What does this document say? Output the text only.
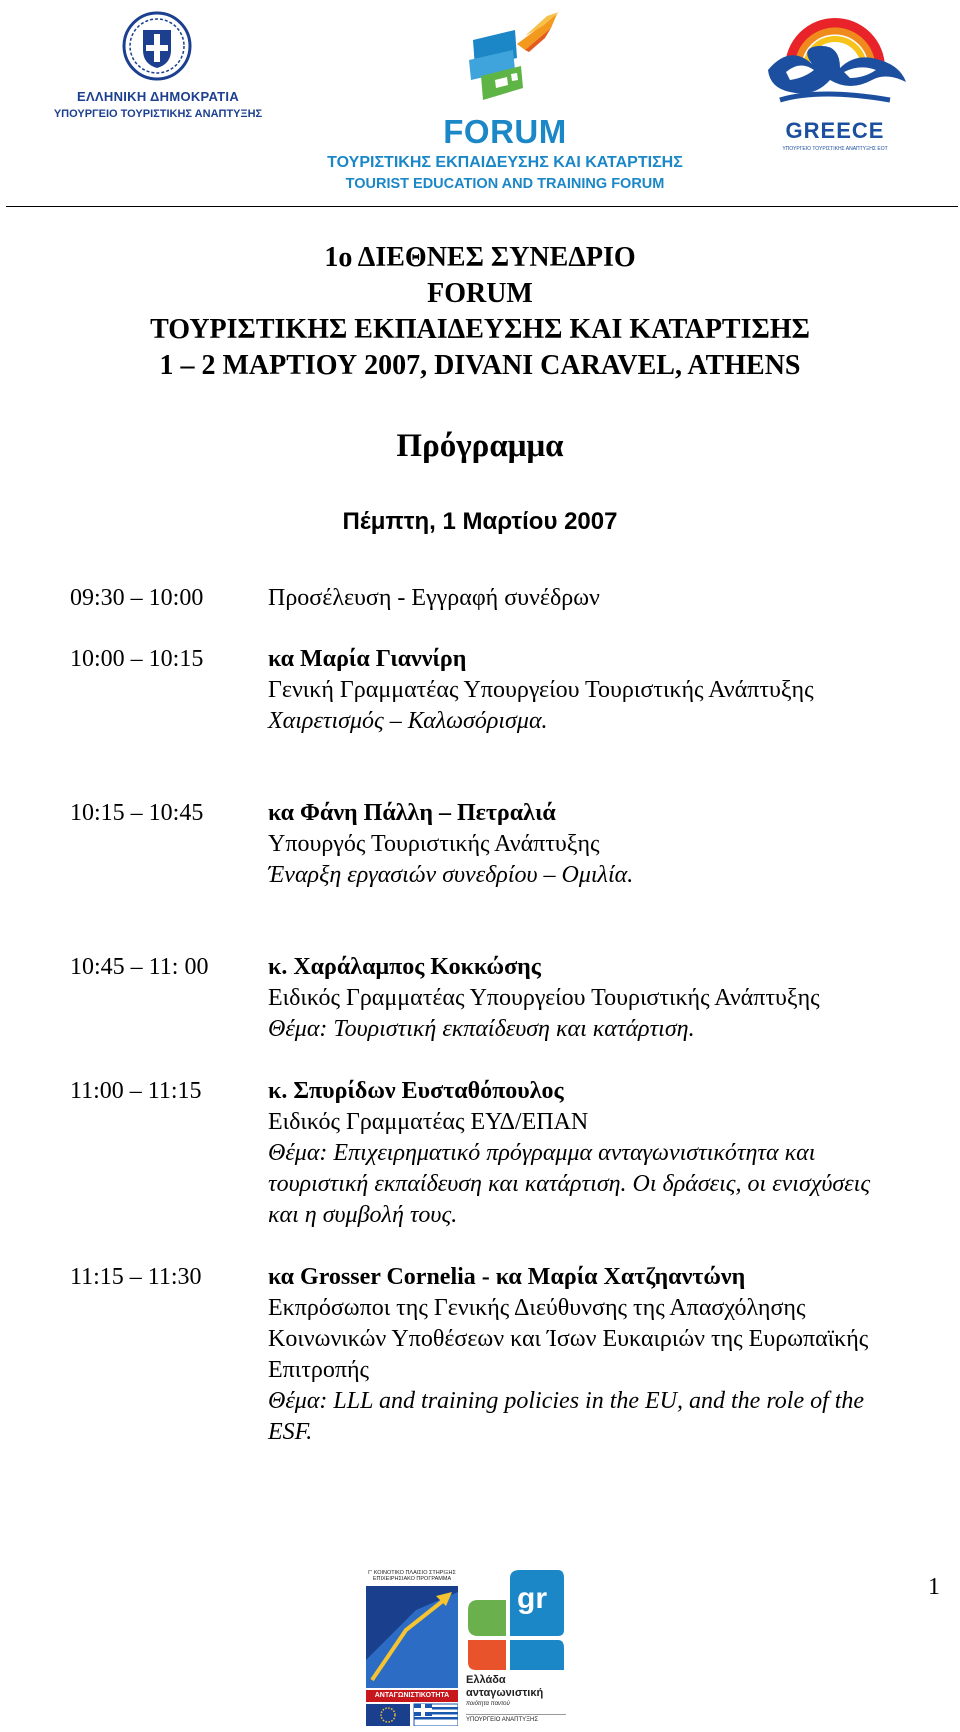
ΕΛΛΗΝΙΚΗ ΔΗΜΟΚΡΑΤΙΑ
ΥΠΟΥΡΓΕΙΟ ΤΟΥΡΙΣΤΙΚΗΣ ΑΝΑΠΤΥΞΗΣ	FORUM
ΤΟΥΡΙΣΤΙΚΗΣ ΕΚΠΑΙΔΕΥΣΗΣ ΚΑΙ ΚΑΤΑΡΤΙΣΗΣ
TOURIST EDUCATION AND TRAINING FORUM
GREECE
ΥΠΟΥΡΓΕΙΟ ΤΟΥΡΙΣΤΙΚΗΣ ΑΝΑΠΤΥΞΗΣ ΕΟΤ
1ο ΔΙΕΘΝΕΣ ΣΥΝΕΔΡΙΟ
FORUM
ΤΟΥΡΙΣΤΙΚΗΣ ΕΚΠΑΙΔΕΥΣΗΣ ΚΑΙ ΚΑΤΑΡΤΙΣΗΣ
1 – 2 ΜΑΡΤΙΟΥ 2007, DIVANI CARAVEL, ATHENS
Πρόγραμμα
Πέμπτη, 1 Μαρτίου 2007
09:30 – 10:00	Προσέλευση - Εγγραφή συνέδρων
10:00 – 10:15	κα Μαρία Γιαννίρη
Γενική Γραμματέας Υπουργείου Τουριστικής Ανάπτυξης
Χαιρετισμός – Καλωσόρισμα.
10:15 – 10:45	κα Φάνη Πάλλη – Πετραλιά
Υπουργός Τουριστικής Ανάπτυξης
Έναρξη εργασιών συνεδρίου – Ομιλία.
10:45 – 11: 00 κ. Χαράλαμπος Κοκκώσης
Ειδικός Γραμματέας Υπουργείου Τουριστικής Ανάπτυξης
Θέμα: Τουριστική εκπαίδευση και κατάρτιση.
11:00 – 11:15	κ. Σπυρίδων Ευσταθόπουλος
Ειδικός Γραμματέας ΕΥΔ/ΕΠΑΝ
Θέμα: Επιχειρηματικό πρόγραμμα ανταγωνιστικότητα και
τουριστική εκπαίδευση και κατάρτιση. Οι δράσεις, οι ενισχύσεις
και η συμβολή τους.
11:15 – 11:30	κα Grosser Cornelia - κα Μαρία Χατζηαντώνη
Εκπρόσωποι της Γενικής Διεύθυνσης της Απασχόλησης
Κοινωνικών Υποθέσεων και Ίσων Ευκαιριών της Ευρωπαϊκής
Επιτροπής
Θέμα: LLL and training policies in the EU, and the role of the
ESF.
1
Γ' ΚΟΙΝΟΤΙΚΟ ΠΛΑΙΣΙΟ ΣΤΗΡΙΞΗΣ ΕΠΙΧΕΙΡΗΣΙΑΚΟ ΠΡΟΓΡΑΜΜΑ
ΑΝΤΑΓΩΝΙΣΤΙΚΟΤΗΤΑ
gr
Ελλάδα
ανταγωνιστική
ποιότητα παντού
ΥΠΟΥΡΓΕΙΟ ΑΝΑΠΤΥΞΗΣ
